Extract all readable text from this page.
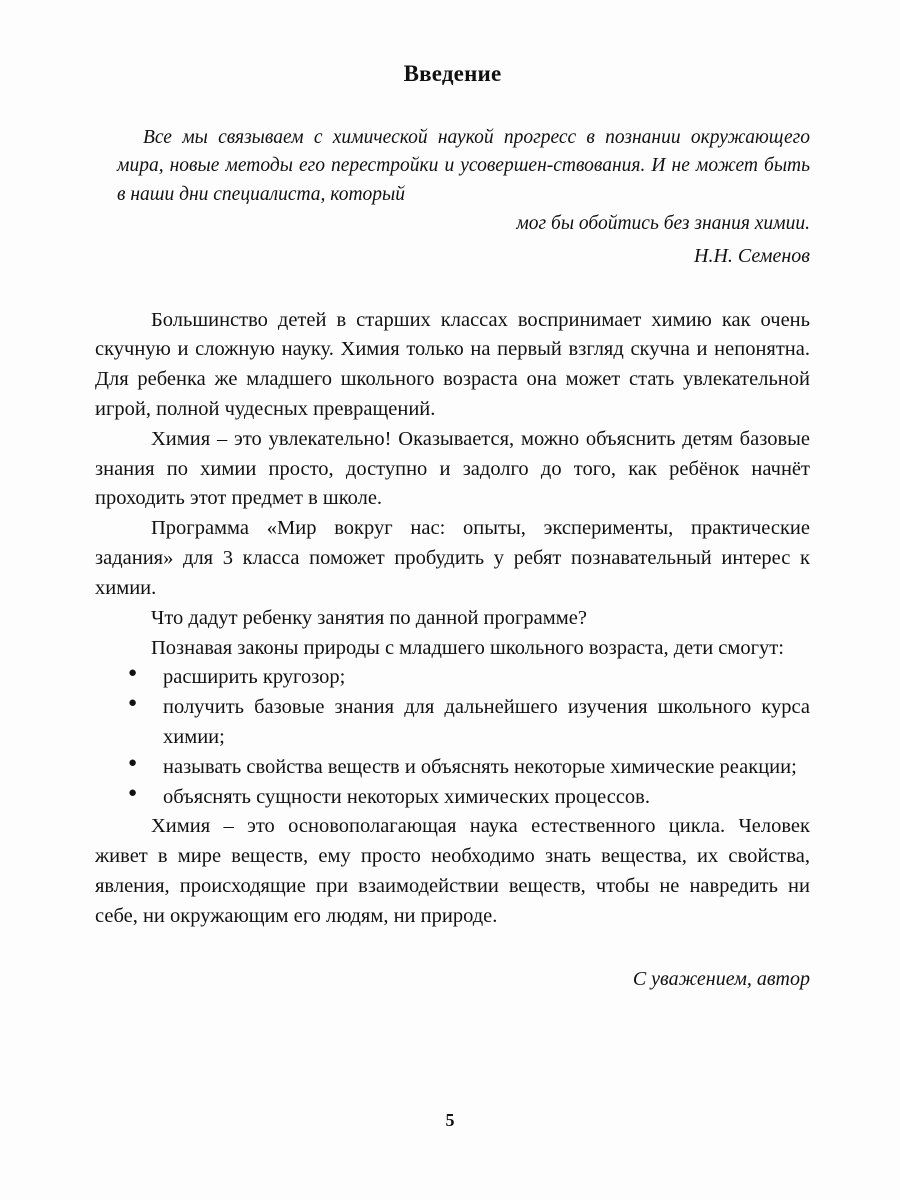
Введение

Все мы связываем с химической наукой прогресс в познании окружающего мира, новые методы его перестройки и усовершен-ствования. И не может быть в наши дни специалиста, который

мог бы обойтись без знания химии.

Н.Н. Семенов

Большинство детей в старших классах воспринимает химию как очень скучную и сложную науку. Химия только на первый взгляд скучна и непонятна. Для ребенка же младшего школьного возраста она может стать увлекательной игрой, полной чудесных превращений.

Химия – это увлекательно! Оказывается, можно объяснить детям базовые знания по химии просто, доступно и задолго до того, как ребёнок начнёт проходить этот предмет в школе.

Программа «Мир вокруг нас: опыты, эксперименты, практические задания» для 3 класса поможет пробудить у ребят познавательный интерес к химии.

Что дадут ребенку занятия по данной программе?

Познавая законы природы с младшего школьного возраста, дети смогут:

● расширить кругозор;
● получить базовые знания для дальнейшего изучения школьного курса химии;
● называть свойства веществ и объяснять некоторые химические реакции;
● объяснять сущности некоторых химических процессов.

Химия – это основополагающая наука естественного цикла. Человек живет в мире веществ, ему просто необходимо знать вещества, их свойства, явления, происходящие при взаимодействии веществ, чтобы не навредить ни себе, ни окружающим его людям, ни природе.

С уважением, автор

5
